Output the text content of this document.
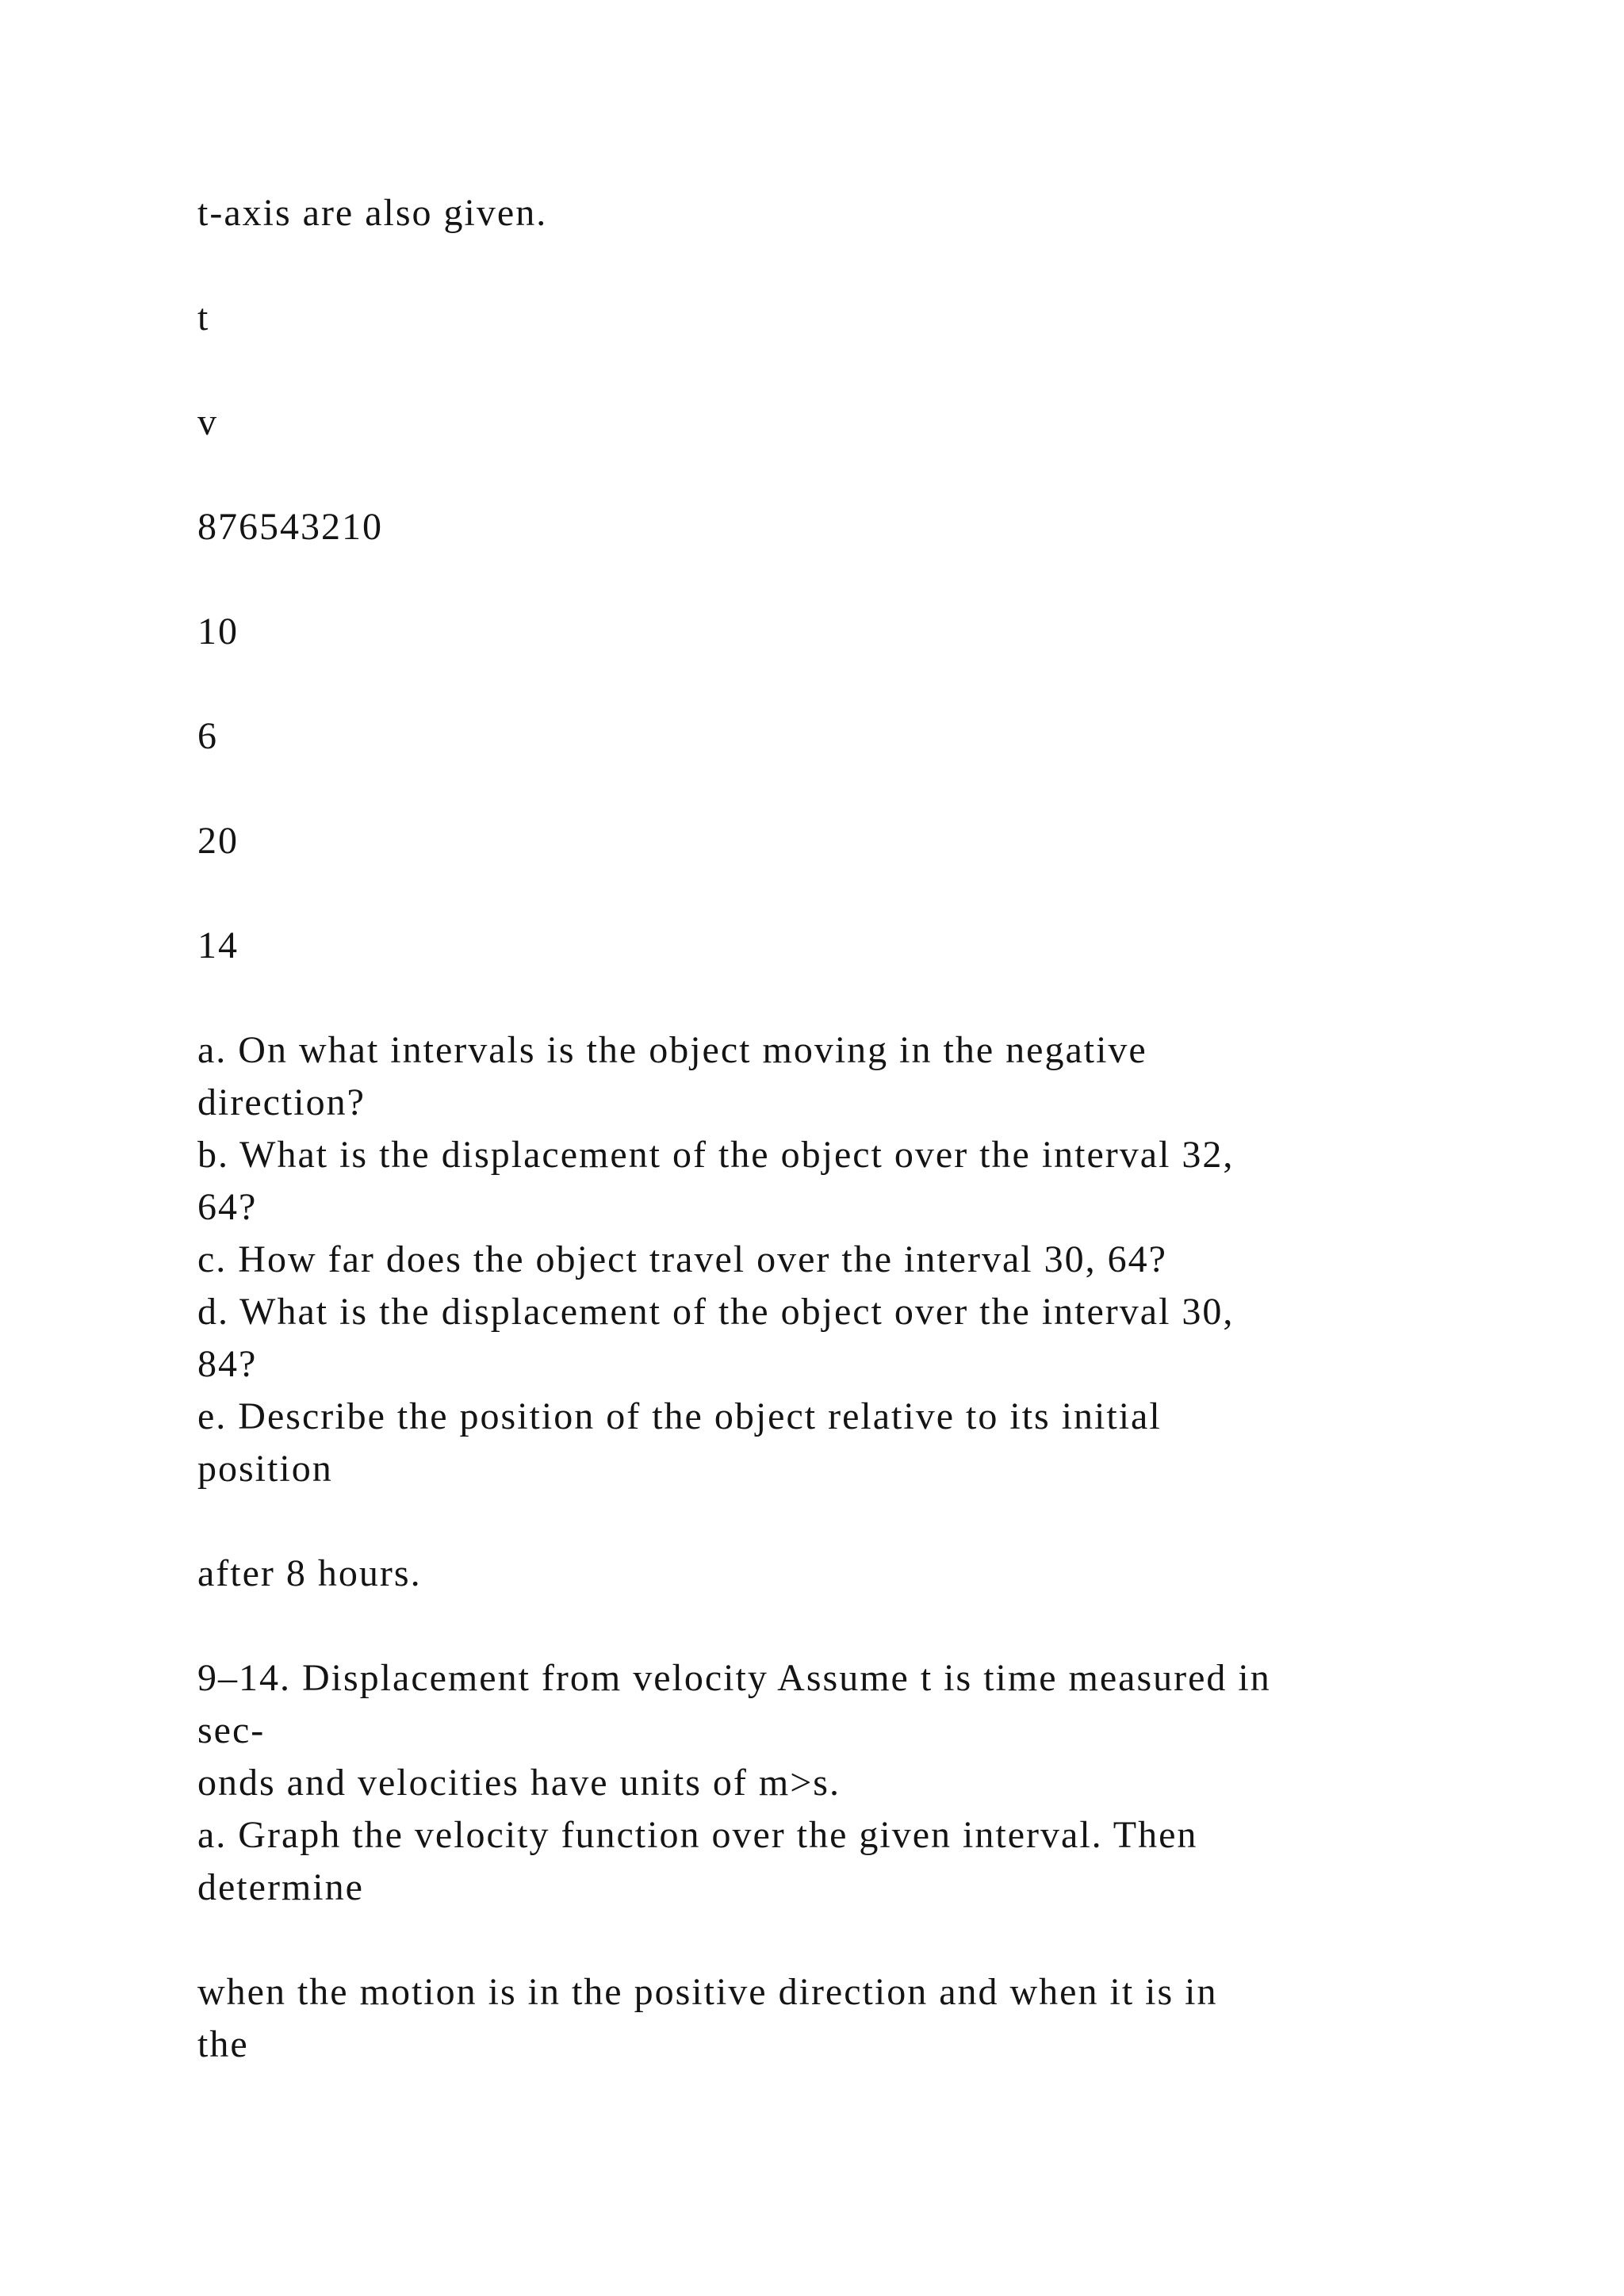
t-axis are also given.
t
v
876543210
10
6
20
14
a. On what intervals is the object moving in the negative
direction?
b. What is the displacement of the object over the interval 32,
64?
c. How far does the object travel over the interval 30, 64?
d. What is the displacement of the object over the interval 30,
84?
e. Describe the position of the object relative to its initial
position
after 8 hours.
9–14. Displacement from velocity Assume t is time measured in
sec-
onds and velocities have units of m>s.
a. Graph the velocity function over the given interval. Then
determine
when the motion is in the positive direction and when it is in
the
